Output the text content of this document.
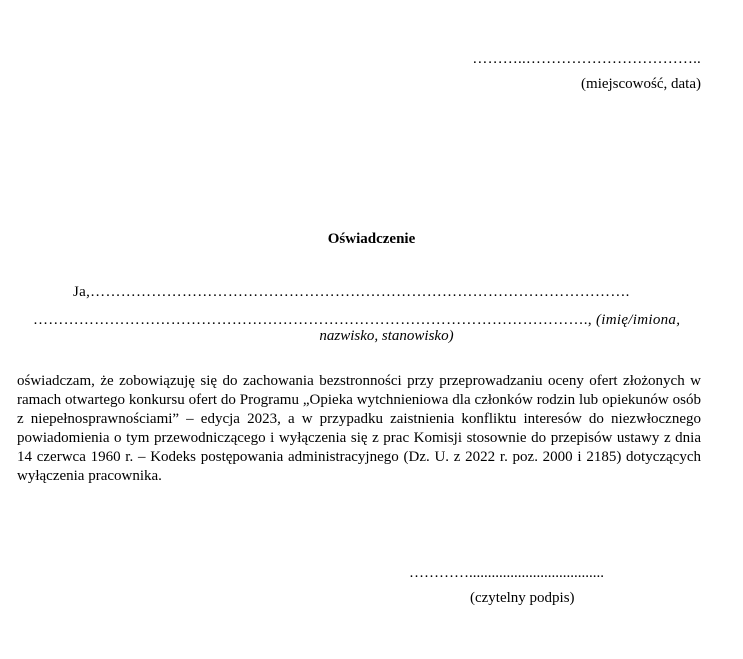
………..……………………………..
(miejscowość, data)
Oświadczenie
Ja,…………………………………………………………………………………………….
………………………………………………………………………………………………., (imię/imiona,
nazwisko, stanowisko)
oświadczam, że zobowiązuję się do zachowania bezstronności przy przeprowadzaniu oceny ofert złożonych w ramach otwartego konkursu ofert do Programu „Opieka wytchnieniowa dla członków rodzin lub opiekunów osób z niepełnosprawnościami” – edycja 2023, a w przypadku zaistnienia konfliktu interesów do niezwłocznego powiadomienia o tym przewodniczącego i wyłączenia się z prac Komisji stosownie do przepisów ustawy z dnia 14 czerwca 1960 r. – Kodeks postępowania administracyjnego (Dz. U. z 2022 r. poz. 2000 i 2185) dotyczących wyłączenia pracownika.
…………....................................
(czytelny podpis)
